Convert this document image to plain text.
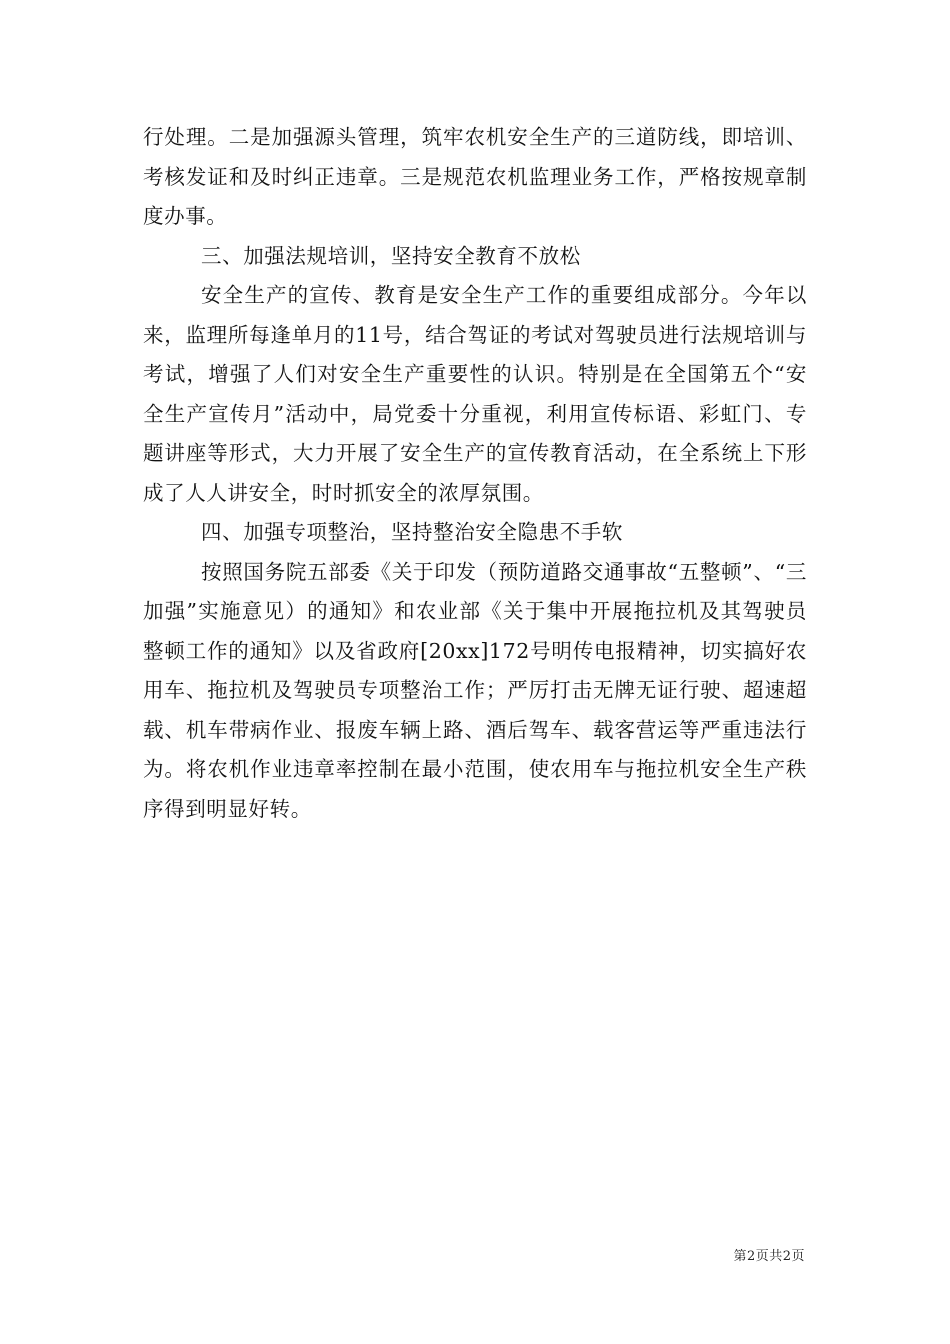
行处理。二是加强源头管理，筑牢农机安全生产的三道防线，即培训、考核发证和及时纠正违章。三是规范农机监理业务工作，严格按规章制度办事。

三、加强法规培训，坚持安全教育不放松

安全生产的宣传、教育是安全生产工作的重要组成部分。今年以来，监理所每逢单月的11号，结合驾证的考试对驾驶员进行法规培训与考试，增强了人们对安全生产重要性的认识。特别是在全国第五个“安全生产宣传月”活动中，局党委十分重视，利用宣传标语、彩虹门、专题讲座等形式，大力开展了安全生产的宣传教育活动，在全系统上下形成了人人讲安全，时时抓安全的浓厚氛围。

四、加强专项整治，坚持整治安全隐患不手软

按照国务院五部委《关于印发（预防道路交通事故“五整顿”、“三加强”实施意见）的通知》和农业部《关于集中开展拖拉机及其驾驶员整顿工作的通知》以及省政府[20xx]172号明传电报精神，切实搞好农用车、拖拉机及驾驶员专项整治工作；严厉打击无牌无证行驶、超速超载、机车带病作业、报废车辆上路、酒后驾车、载客营运等严重违法行为。将农机作业违章率控制在最小范围，使农用车与拖拉机安全生产秩序得到明显好转。

第2页共2页
